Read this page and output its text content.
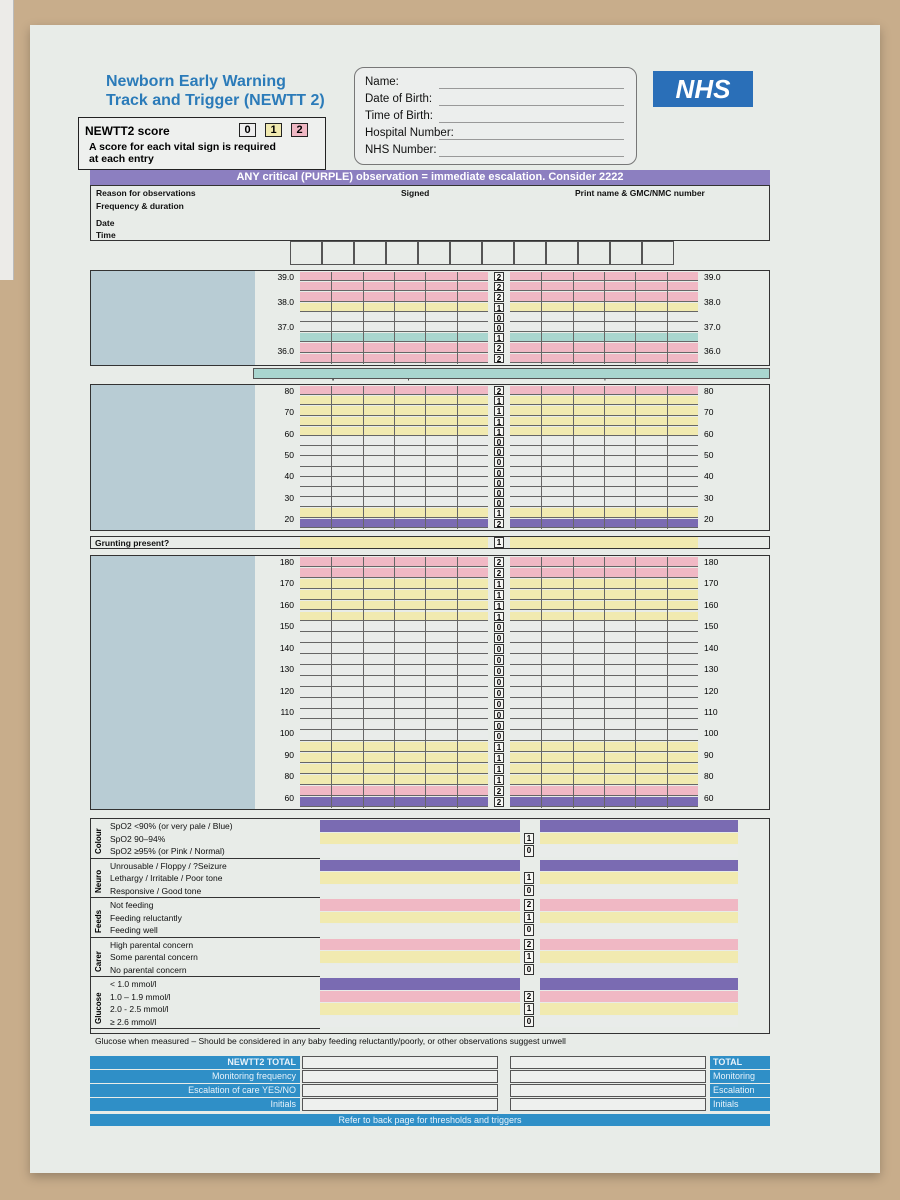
Newborn Early Warning
Track and Trigger (NEWTT 2)
NEWTT2 score	0	1	2
A score for each vital sign is required
at each entry
Name:
Date of Birth:
Time of Birth:
Hospital Number:
NHS Number:
NHS
ANY critical (PURPLE) observation = immediate escalation. Consider 2222
Reason for observations
Frequency & duration
Signed	Print name & GMC/NMC number
Date
Time
Grunting present?
Glucose when measured – Should be considered in any baby feeding reluctantly/poorly, or other observations suggest unwell
2
2
2
1
0
0
1
2
2
39.0	39.0
38.0	38.0
37.0	37.0
36.0	36.0
2
1
1
1
1
0
0
0
0
0
0
0
1
2
80	80
70	70
60	60
50	50
40	40
30	30
20	20
1
2
2
1
1
1
1
0
0
0
0
0
0
0
0
0
0
0
1
1
1
1
2
2
180	180
170	170
160	160
150	150
140	140
130	130
120	120
110	110
100	100
90	90
80	80
60	60
SpO2 <90% (or very pale / Blue)
SpO2 90–94%	1
SpO2 ≥95% (or Pink / Normal)	0
Colour
Unrousable / Floppy / ?Seizure
Lethargy / Irritable / Poor tone	1
Responsive / Good tone	0
Neuro
Not feeding	2
Feeding reluctantly	1
Feeding well	0
Feeds
High parental concern	2
Some parental concern	1
No parental concern	0
Carer
< 1.0 mmol/l
1.0 – 1.9 mmol/l	2
2.0 - 2.5 mmol/l	1
≥ 2.6 mmol/l	0
Glucose
NEWTT2 TOTAL	TOTAL
Monitoring frequency	Monitoring
Escalation of care YES/NO	Escalation
Initials	Initials
Refer to back page for thresholds and triggers
